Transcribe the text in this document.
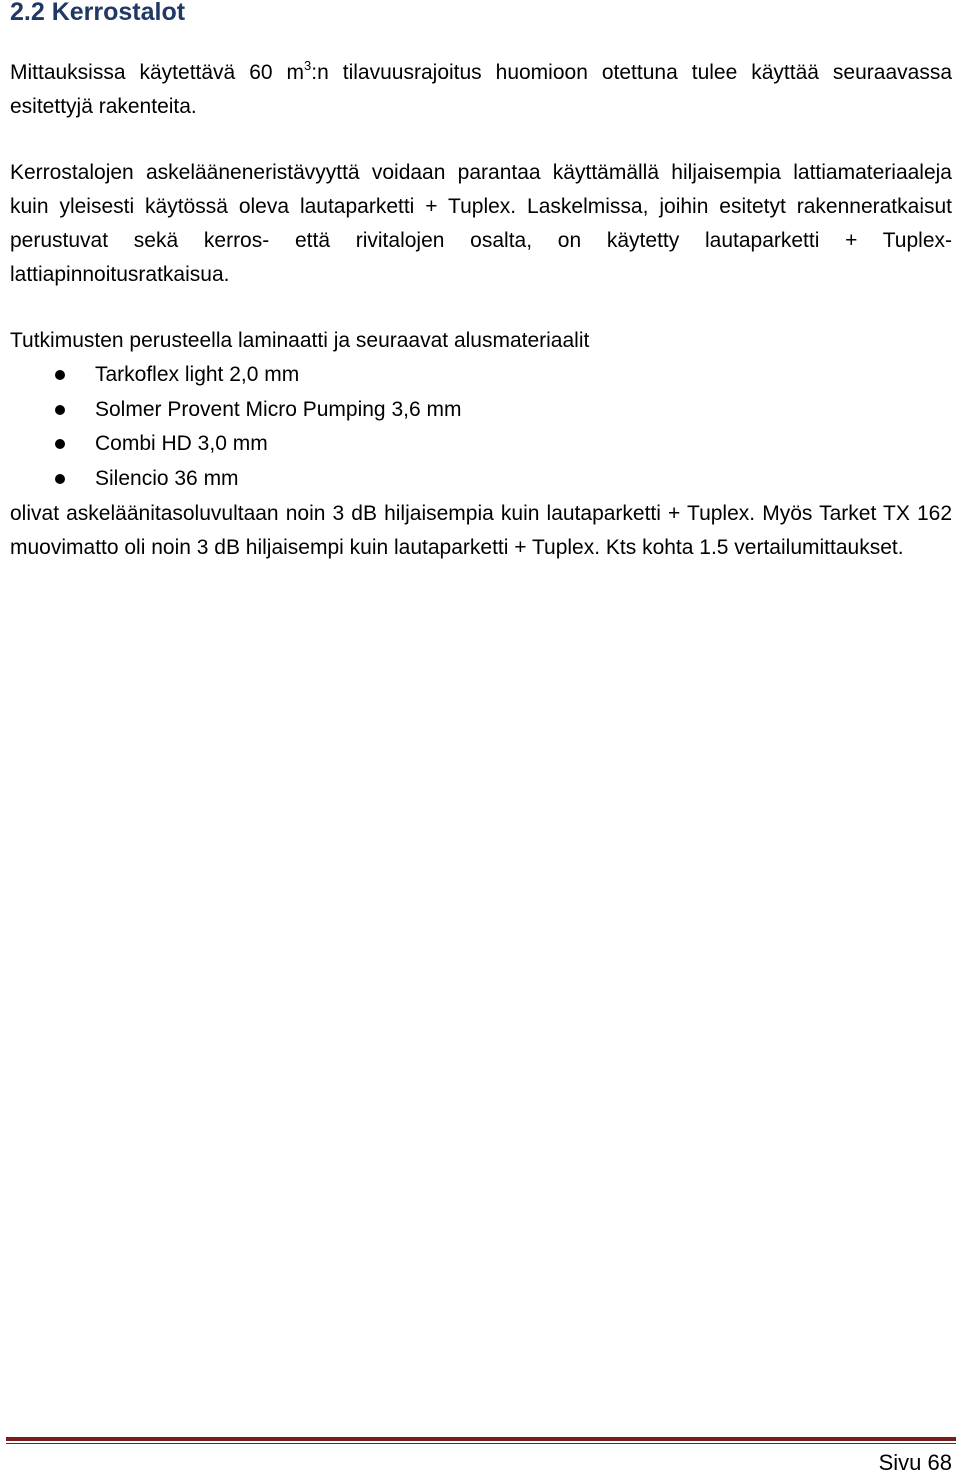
2.2 Kerrostalot

Mittauksissa käytettävä 60 $m^3:n$ tilavuusrajoitus huomioon otettuna tulee käyttää seuraavassa esitettyjä rakenteita.

Kerrostalojen askelääneneristävyyttä voidaan parantaa käyttämällä hiljaisempia lattiamateriaaleja kuin yleisesti käytössä oleva lautaparketti + Tuplex. Laskelmissa, joihin esitetyt rakenneratkaisut perustuvat sekä kerros- että rivitalojen osalta, on käytetty lautaparketti + Tuplex-lattiapinnoitusratkaisua.

Tutkimusten perusteella laminaatti ja seuraavat alusmateriaalit

Tarkoflex light 2,0 mm
Solmer Provent Micro Pumping 3,6 mm
Combi HD 3,0 mm
Silencio 36 mm

olivat askeläänitasoluvultaan noin 3 dB hiljaisempia kuin lautaparketti + Tuplex. Myös Tarket TX 162 muovimatto oli noin 3 dB hiljaisempi kuin lautaparketti + Tuplex. Kts kohta 1.5 vertailumittaukset.

Sivu 68
